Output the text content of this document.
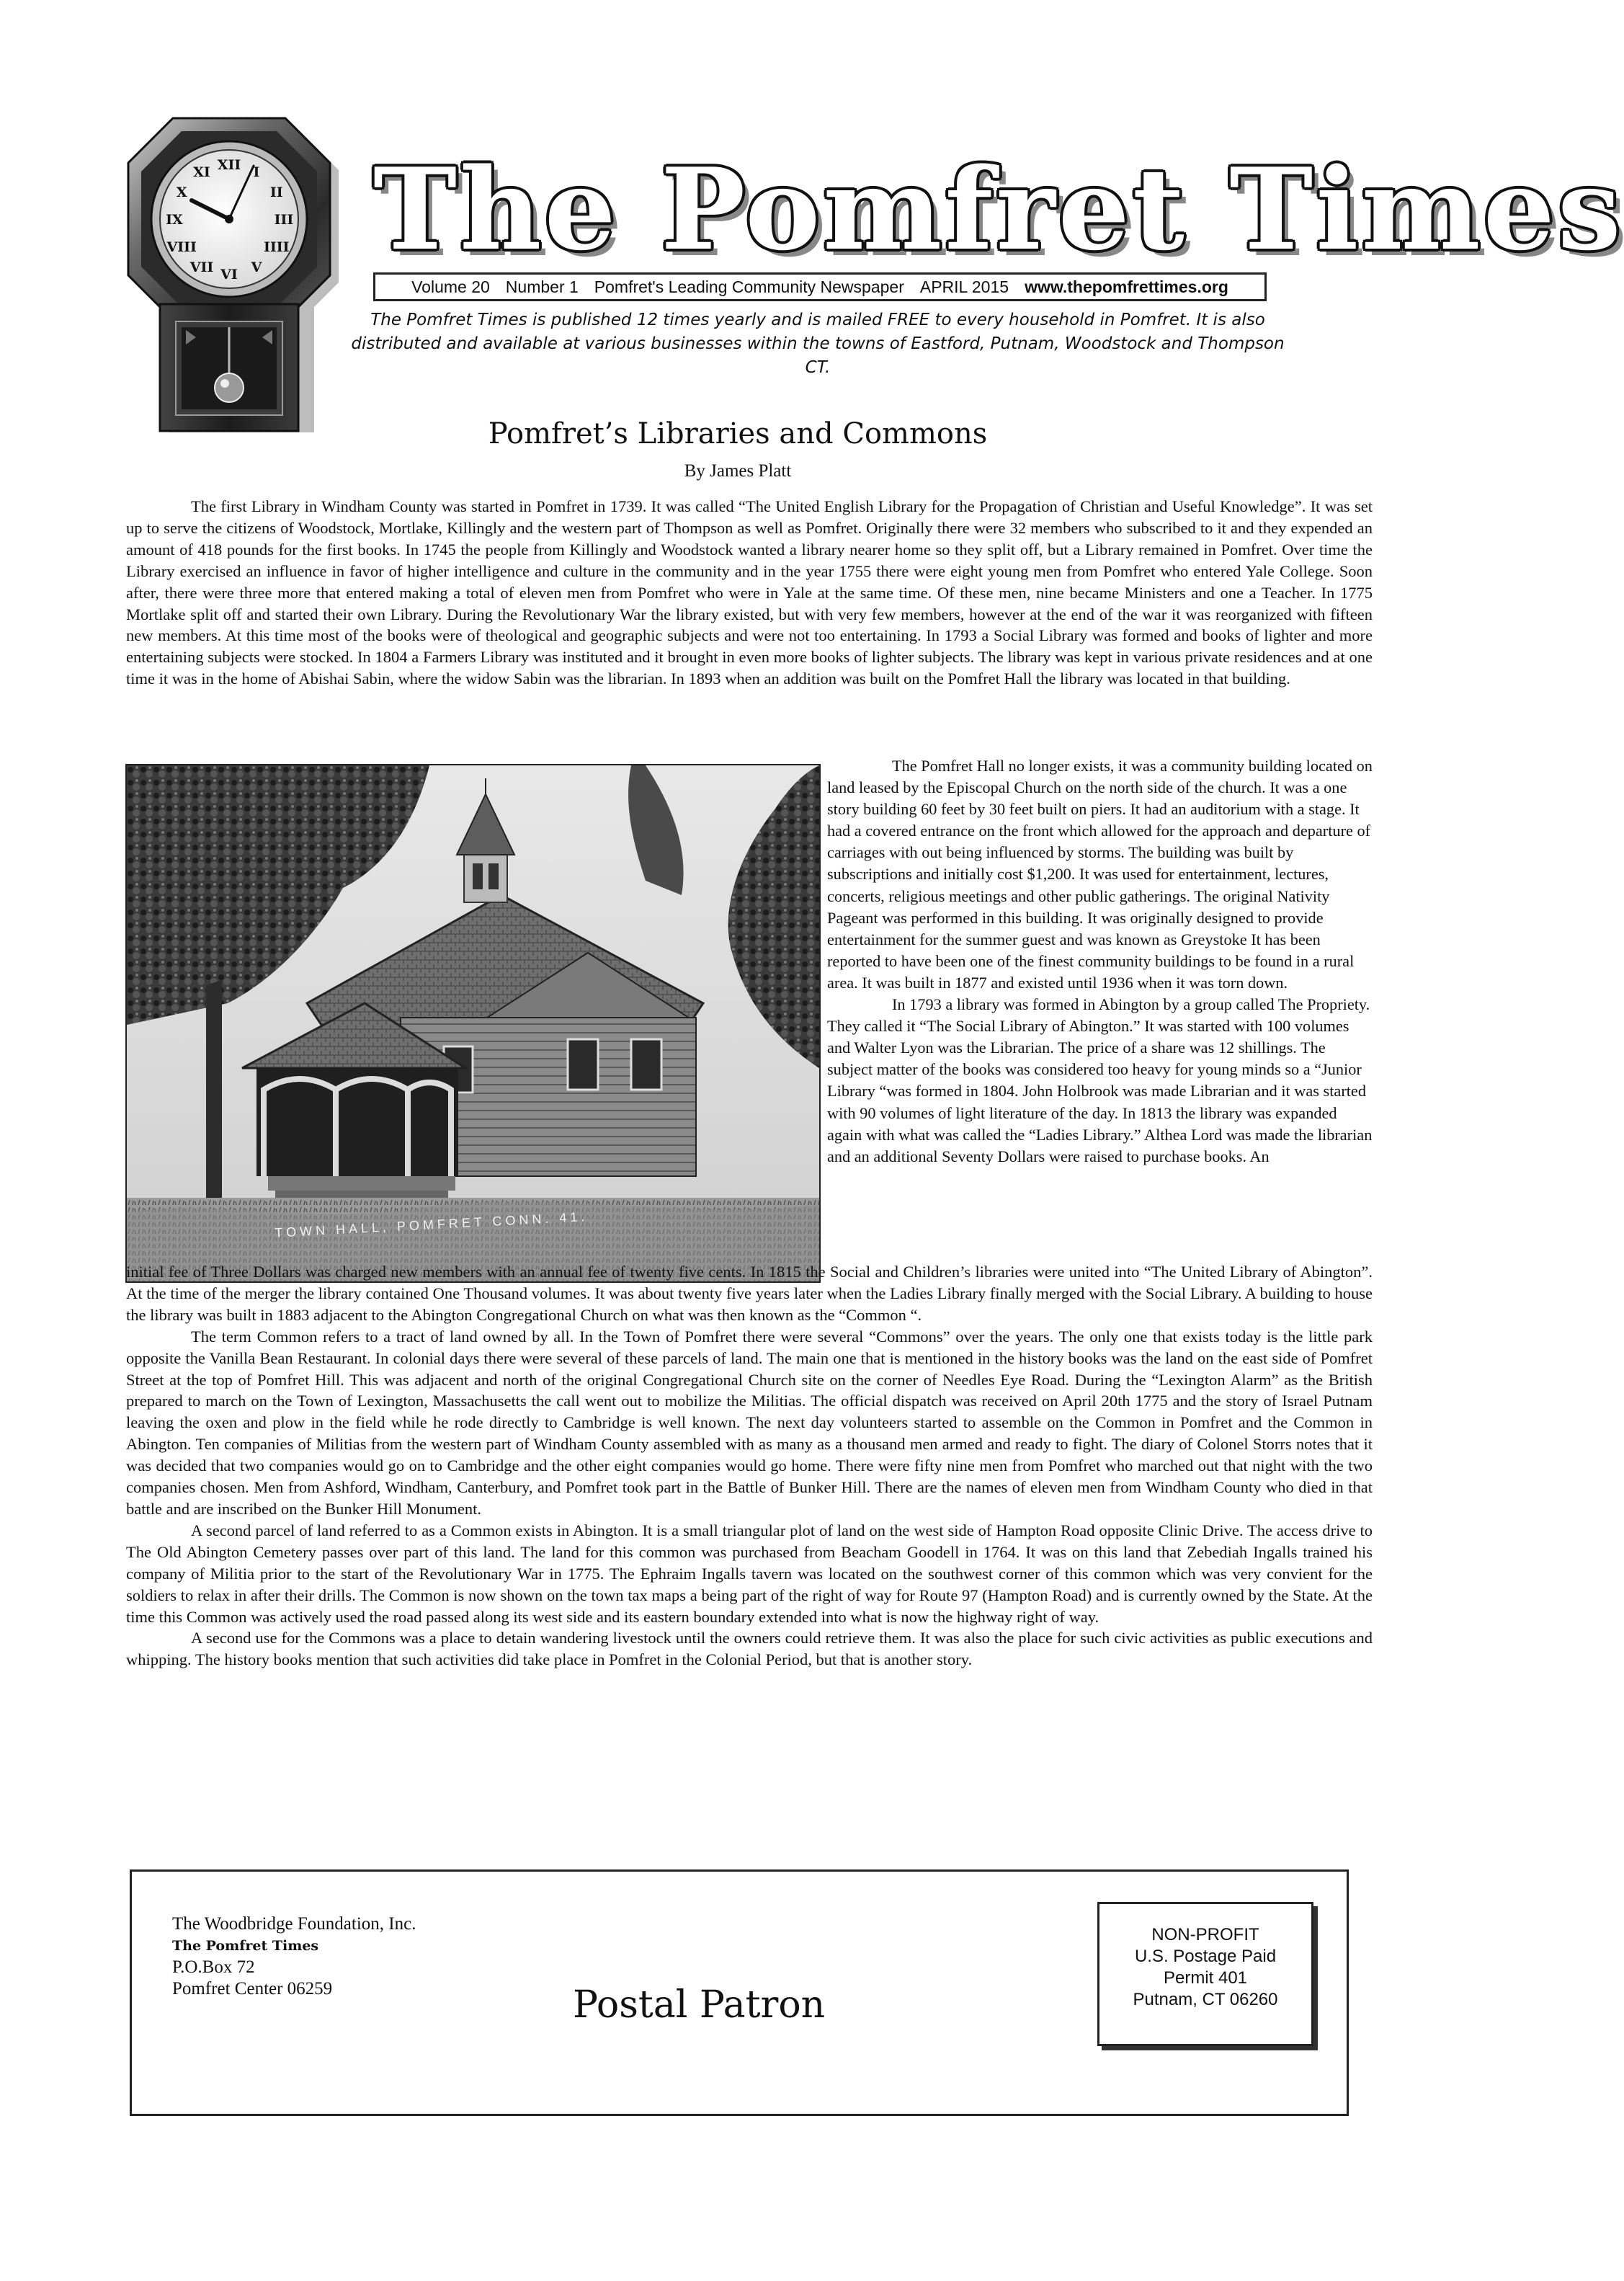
XII I
II
III
IIII
V
VI
VII
VIII
IX
X
XI The Pomfret Times
Volume 20 Number 1 Pomfret's Leading Community Newspaper APRIL 2015 www.thepomfrettimes.org
The Pomfret Times is published 12 times yearly and is mailed FREE to every household in Pomfret. It is also distributed and available at various businesses within the towns of Eastford, Putnam, Woodstock and Thompson CT.
Pomfret’s Libraries and Commons
By James Platt

The first Library in Windham County was started in Pomfret in 1739. It was called “The United English Library for the Propagation of Christian and Useful Knowledge”. It was set up to serve the citizens of Woodstock, Mortlake, Killingly and the western part of Thompson as well as Pomfret. Originally there were 32 members who subscribed to it and they expended an amount of 418 pounds for the first books. In 1745 the people from Killingly and Woodstock wanted a library nearer home so they split off, but a Library remained in Pomfret. Over time the Library exercised an influence in favor of higher intelligence and culture in the community and in the year 1755 there were eight young men from Pomfret who entered Yale College. Soon after, there were three more that entered making a total of eleven men from Pomfret who were in Yale at the same time. Of these men, nine became Ministers and one a Teacher. In 1775 Mortlake split off and started their own Library. During the Revolutionary War the library existed, but with very few members, however at the end of the war it was reorganized with fifteen new members. At this time most of the books were of theological and geographic subjects and were not too entertaining. In 1793 a Social Library was formed and books of lighter and more entertaining subjects were stocked. In 1804 a Farmers Library was instituted and it brought in even more books of lighter subjects. The library was kept in various private residences and at one time it was in the home of Abishai Sabin, where the widow Sabin was the librarian. In 1893 when an addition was built on the Pomfret Hall the library was located in that building.

TOWN HALL, POMFRET CONN. 41.

The Pomfret Hall no longer exists, it was a community building located on land leased by the Episcopal Church on the north side of the church. It was a one story building 60 feet by 30 feet built on piers. It had an auditorium with a stage. It had a covered entrance on the front which allowed for the approach and departure of carriages with out being influenced by storms. The building was built by subscriptions and initially cost $1,200. It was used for entertainment, lectures, concerts, religious meetings and other public gatherings. The original Nativity Pageant was performed in this building. It was originally designed to provide entertainment for the summer guest and was known as Greystoke It has been reported to have been one of the finest community buildings to be found in a rural area. It was built in 1877 and existed until 1936 when it was torn down.

In 1793 a library was formed in Abington by a group called The Propriety. They called it “The Social Library of Abington.” It was started with 100 volumes and Walter Lyon was the Librarian. The price of a share was 12 shillings. The subject matter of the books was considered too heavy for young minds so a “Junior Library “was formed in 1804. John Holbrook was made Librarian and it was started with 90 volumes of light literature of the day. In 1813 the library was expanded again with what was called the “Ladies Library.” Althea Lord was made the librarian and an additional Seventy Dollars were raised to purchase books. An

initial fee of Three Dollars was charged new members with an annual fee of twenty five cents. In 1815 the Social and Children’s libraries were united into “The United Library of Abington”. At the time of the merger the library contained One Thousand volumes. It was about twenty five years later when the Ladies Library finally merged with the Social Library. A building to house the library was built in 1883 adjacent to the Abington Congregational Church on what was then known as the “Common “.

The term Common refers to a tract of land owned by all. In the Town of Pomfret there were several “Commons” over the years. The only one that exists today is the little park opposite the Vanilla Bean Restaurant. In colonial days there were several of these parcels of land. The main one that is mentioned in the history books was the land on the east side of Pomfret Street at the top of Pomfret Hill. This was adjacent and north of the original Congregational Church site on the corner of Needles Eye Road. During the “Lexington Alarm” as the British prepared to march on the Town of Lexington, Massachusetts the call went out to mobilize the Militias. The official dispatch was received on April 20th 1775 and the story of Israel Putnam leaving the oxen and plow in the field while he rode directly to Cambridge is well known. The next day volunteers started to assemble on the Common in Pomfret and the Common in Abington. Ten companies of Militias from the western part of Windham County assembled with as many as a thousand men armed and ready to fight. The diary of Colonel Storrs notes that it was decided that two companies would go on to Cambridge and the other eight companies would go home. There were fifty nine men from Pomfret who marched out that night with the two companies chosen. Men from Ashford, Windham, Canterbury, and Pomfret took part in the Battle of Bunker Hill. There are the names of eleven men from Windham County who died in that battle and are inscribed on the Bunker Hill Monument.

A second parcel of land referred to as a Common exists in Abington. It is a small triangular plot of land on the west side of Hampton Road opposite Clinic Drive. The access drive to The Old Abington Cemetery passes over part of this land. The land for this common was purchased from Beacham Goodell in 1764. It was on this land that Zebediah Ingalls trained his company of Militia prior to the start of the Revolutionary War in 1775. The Ephraim Ingalls tavern was located on the southwest corner of this common which was very convient for the soldiers to relax in after their drills. The Common is now shown on the town tax maps a being part of the right of way for Route 97 (Hampton Road) and is currently owned by the State. At the time this Common was actively used the road passed along its west side and its eastern boundary extended into what is now the highway right of way.

A second use for the Commons was a place to detain wandering livestock until the owners could retrieve them. It was also the place for such civic activities as public executions and whipping. The history books mention that such activities did take place in Pomfret in the Colonial Period, but that is another story.

The Woodbridge Foundation, Inc.
The Pomfret Times
P.O.Box 72
Pomfret Center 06259	Postal Patron
NON-PROFIT
U.S. Postage Paid
Permit 401
Putnam, CT 06260
